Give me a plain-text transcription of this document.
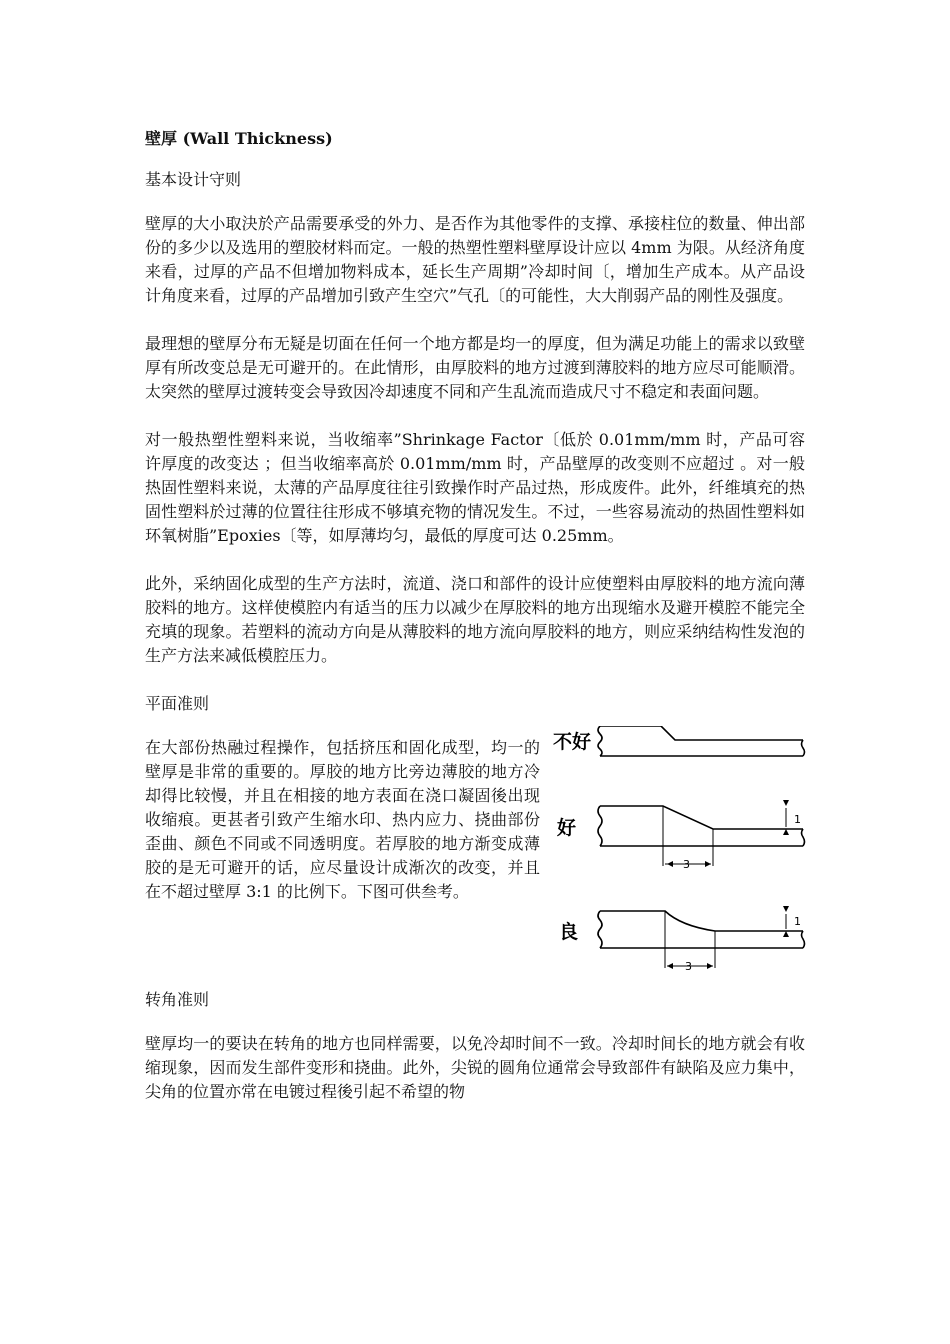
壁厚 (Wall Thickness)
基本设计守则

壁厚的大小取決於产品需要承受的外力、是否作为其他零件的支撑、承接柱位的数量、伸出部份的多少以及选用的塑胶材料而定。一般的热塑性塑料壁厚设计应以 4mm 为限。从经济角度来看，过厚的产品不但增加物料成本，延长生产周期”冷却时间〔，增加生产成本。从产品设计角度来看，过厚的产品增加引致产生空穴”气孔〔的可能性，大大削弱产品的刚性及强度。

最理想的壁厚分布无疑是切面在任何一个地方都是均一的厚度，但为满足功能上的需求以致壁厚有所改变总是无可避开的。在此情形，由厚胶料的地方过渡到薄胶料的地方应尽可能顺滑。太突然的壁厚过渡转变会导致因冷却速度不同和产生乱流而造成尺寸不稳定和表面问题。

对一般热塑性塑料来说，当收缩率”Shrinkage Factor〔低於 0.01mm/mm 时，产品可容许厚度的改变达 ；但当收缩率高於 0.01mm/mm 时，产品壁厚的改变则不应超过 。对一般热固性塑料来说，太薄的产品厚度往往引致操作时产品过热，形成废件。此外，纤维填充的热固性塑料於过薄的位置往往形成不够填充物的情况发生。不过，一些容易流动的热固性塑料如环氧树脂”Epoxies〔等，如厚薄均匀，最低的厚度可达 0.25mm。

此外，采纳固化成型的生产方法时，流道、浇口和部件的设计应使塑料由厚胶料的地方流向薄胶料的地方。这样使模腔内有适当的压力以减少在厚胶料的地方出现缩水及避开模腔不能完全充填的现象。若塑料的流动方向是从薄胶料的地方流向厚胶料的地方，则应采纳结构性发泡的生产方法来减低模腔压力。

平面准则

在大部份热融过程操作，包括挤压和固化成型，均一的壁厚是非常的重要的。厚胶的地方比旁边薄胶的地方冷却得比较慢，并且在相接的地方表面在浇口凝固後出现收缩痕。更甚者引致产生缩水印、热内应力、挠曲部份歪曲、颜色不同或不同透明度。若厚胶的地方渐变成薄胶的是无可避开的话，应尽量设计成渐次的改变，并且在不超过壁厚 3:1 的比例下。下图可供叁考。

不好
好
良
3
1
3
1
转角准则

壁厚均一的要诀在转角的地方也同样需要，以免冷却时间不一致。冷却时间长的地方就会有收缩现象，因而发生部件变形和挠曲。此外，尖锐的圆角位通常会导致部件有缺陷及应力集中，尖角的位置亦常在电镀过程後引起不希望的物
